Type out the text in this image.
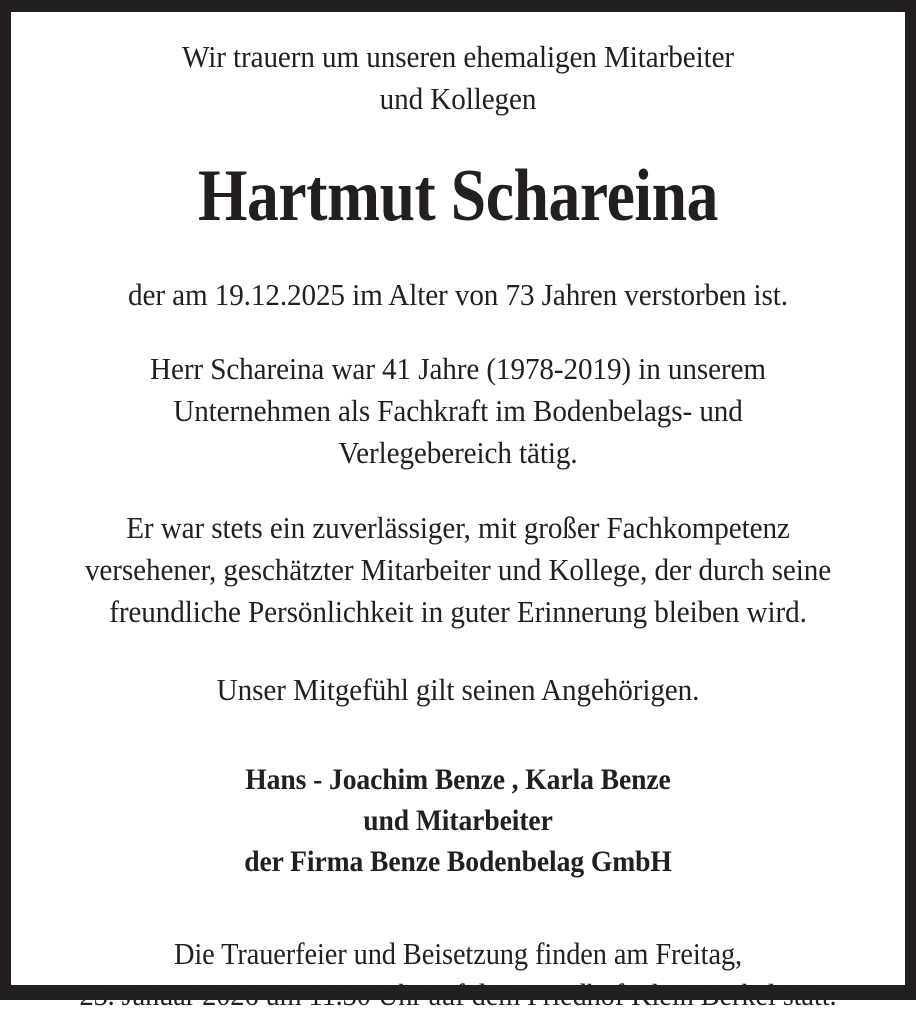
Wir trauern um unseren ehemaligen Mitarbeiter
und Kollegen

Hartmut Schareina

der am 19.12.2025 im Alter von 73 Jahren verstorben ist.

Herr Schareina war 41 Jahre (1978-2019) in unserem
Unternehmen als Fachkraft im Bodenbelags- und
Verlegebereich tätig.

Er war stets ein zuverlässiger, mit großer Fachkompetenz
versehener, geschätzter Mitarbeiter und Kollege, der durch seine
freundliche Persönlichkeit in guter Erinnerung bleiben wird.

Unser Mitgefühl gilt seinen Angehörigen.

Hans - Joachim Benze , Karla Benze
und Mitarbeiter
der Firma Benze Bodenbelag GmbH

Die Trauerfeier und Beisetzung finden am Freitag,
23. Januar 2026 um 11.30 Uhr auf dem Friedhof Klein Berkel statt.
